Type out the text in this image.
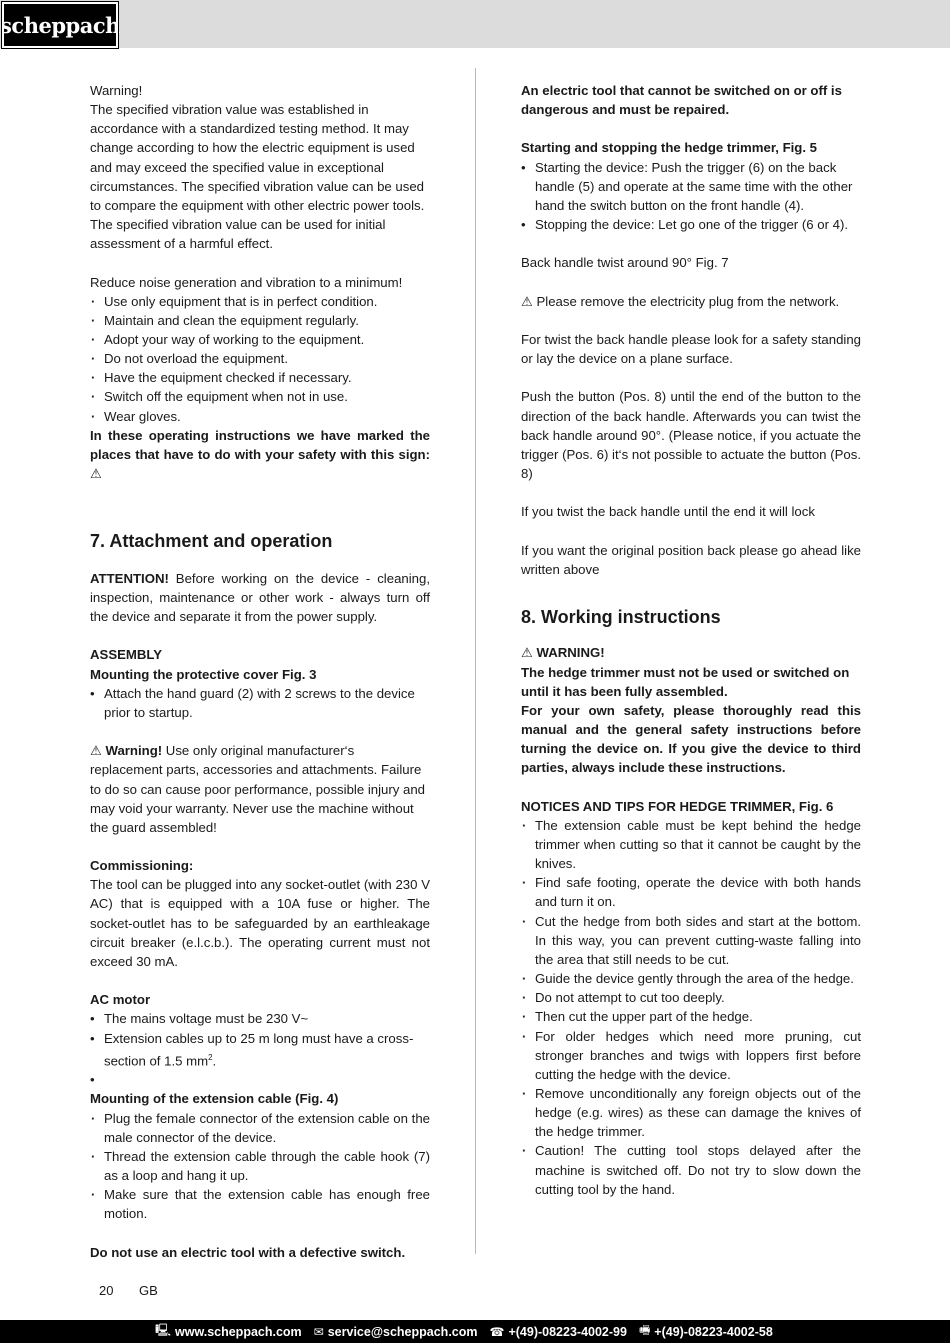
scheppach

Warning!

The specified vibration value was established in accordance with a standardized testing method. It may change according to how the electric equipment is used and may exceed the specified value in exceptional circumstances. The specified vibration value can be used to compare the equipment with other electric power tools.

The specified vibration value can be used for initial assessment of a harmful effect.

Reduce noise generation and vibration to a minimum!

· Use only equipment that is in perfect condition.
· Maintain and clean the equipment regularly.
· Adopt your way of working to the equipment.
· Do not overload the equipment.
· Have the equipment checked if necessary.
· Switch off the equipment when not in use.
· Wear gloves.

In these operating instructions we have marked the places that have to do with your safety with this sign: ⚠

7. Attachment and operation

ATTENTION! Before working on the device - cleaning, inspection, maintenance or other work - always turn off the device and separate it from the power supply.

ASSEMBLY

Mounting the protective cover Fig. 3

• Attach the hand guard (2) with 2 screws to the device prior to startup.

⚠ Warning! Use only original manufacturer‘s replacement parts, accessories and attachments. Failure to do so can cause poor performance, possible injury and may void your warranty. Never use the machine without the guard assembled!

Commissioning:

The tool can be plugged into any socket-outlet (with 230 V AC) that is equipped with a 10A fuse or higher. The socket-outlet has to be safeguarded by an earthleakage circuit breaker (e.l.c.b.). The operating current must not exceed 30 mA.

AC motor

• The mains voltage must be 230 V~
• Extension cables up to 25 m long must have a cross-section of 1.5 $mm^2$.
•

Mounting of the extension cable (Fig. 4)

· Plug the female connector of the extension cable on the male connector of the device.
· Thread the extension cable through the cable hook (7) as a loop and hang it up.
· Make sure that the extension cable has enough free motion.

Do not use an electric tool with a defective switch.

An electric tool that cannot be switched on or off is dangerous and must be repaired.

Starting and stopping the hedge trimmer, Fig. 5

• Starting the device: Push the trigger (6) on the back handle (5) and operate at the same time with the other hand the switch button on the front handle (4).
• Stopping the device: Let go one of the trigger (6 or 4).

Back handle twist around 90° Fig. 7

⚠ Please remove the electricity plug from the network.

For twist the back handle please look for a safety standing or lay the device on a plane surface.

Push the button (Pos. 8) until the end of the button to the direction of the back handle. Afterwards you can twist the back handle around 90°. (Please notice, if you actuate the trigger (Pos. 6) it‘s not possible to actuate the button (Pos. 8)

If you twist the back handle until the end it will lock

If you want the original position back please go ahead like written above

8. Working instructions

⚠ WARNING!

The hedge trimmer must not be used or switched on until it has been fully assembled.

For your own safety, please thoroughly read this manual and the general safety instructions before turning the device on. If you give the device to third parties, always include these instructions.

NOTICES AND TIPS FOR HEDGE TRIMMER, Fig. 6

· The extension cable must be kept behind the hedge trimmer when cutting so that it cannot be caught by the knives.
· Find safe footing, operate the device with both hands and turn it on.
· Cut the hedge from both sides and start at the bottom. In this way, you can prevent cutting-waste falling into the area that still needs to be cut.
· Guide the device gently through the area of the hedge.
· Do not attempt to cut too deeply.
· Then cut the upper part of the hedge.
· For older hedges which need more pruning, cut stronger branches and twigs with loppers first before cutting the hedge with the device.
· Remove unconditionally any foreign objects out of the hedge (e.g. wires) as these can damage the knives of the hedge trimmer.
· Caution! The cutting tool stops delayed after the machine is switched off. Do not try to slow down the cutting tool by the hand.
20 GB
🖳 www.scheppach.com ✉ service@scheppach.com ☎ +(49)-08223-4002-99 🖷 +(49)-08223-4002-58
